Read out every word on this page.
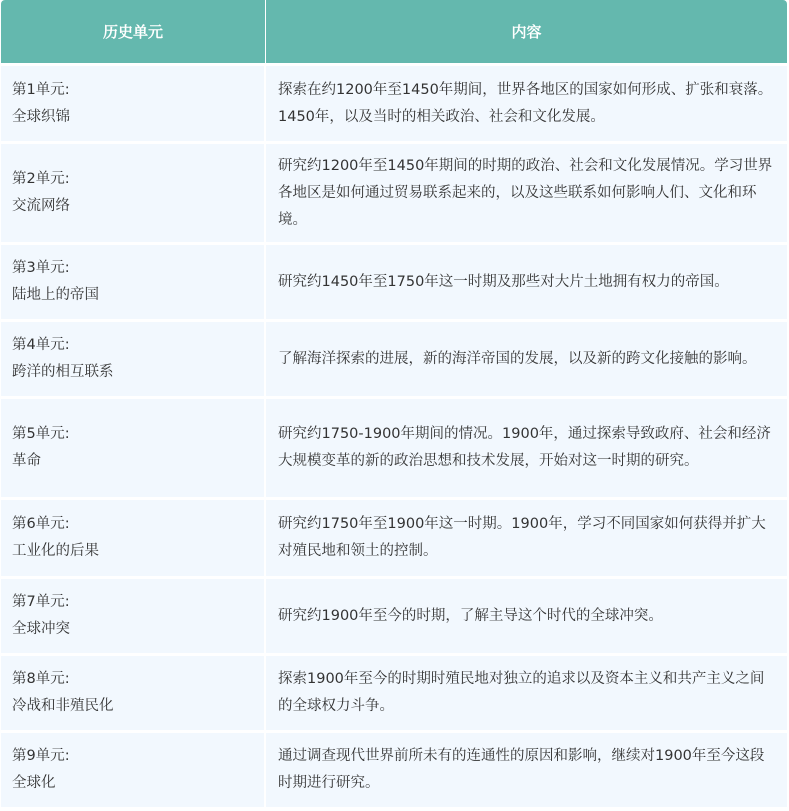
历史单元	内容

第1单元:
全球织锦	探索在约1200年至1450年期间，世界各地区的国家如何形成、扩张和衰落。1450年，以及当时的相关政治、社会和文化发展。

第2单元:
交流网络	研究约1200年至1450年期间的时期的政治、社会和文化发展情况。学习世界各地区是如何通过贸易联系起来的，以及这些联系如何影响人们、文化和环境。

第3单元:
陆地上的帝国	研究约1450年至1750年这一时期及那些对大片土地拥有权力的帝国。

第4单元:
跨洋的相互联系	了解海洋探索的进展，新的海洋帝国的发展，以及新的跨文化接触的影响。

第5单元:
革命	研究约1750-1900年期间的情况。1900年，通过探索导致政府、社会和经济大规模变革的新的政治思想和技术发展，开始对这一时期的研究。

第6单元:
工业化的后果	研究约1750年至1900年这一时期。1900年，学习不同国家如何获得并扩大对殖民地和领土的控制。

第7单元:
全球冲突	研究约1900年至今的时期，了解主导这个时代的全球冲突。

第8单元:
冷战和非殖民化	探索1900年至今的时期时殖民地对独立的追求以及资本主义和共产主义之间的全球权力斗争。

第9单元:
全球化	通过调查现代世界前所未有的连通性的原因和影响，继续对1900年至今这段时期进行研究。
